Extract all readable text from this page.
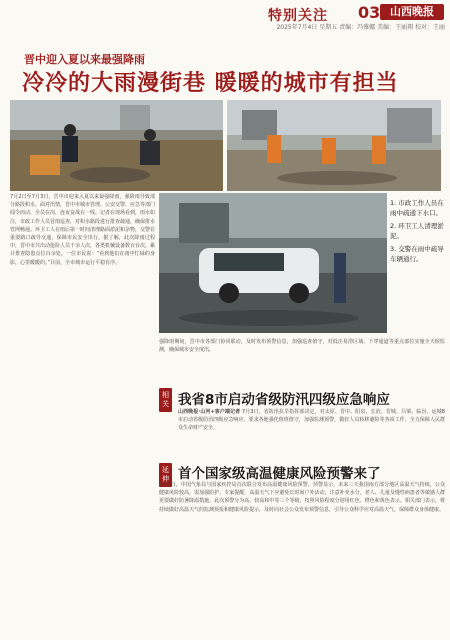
特别关注 03 山西晚报
2025年7月4日 星期五 责编：冯雅娜 美编：王丽翔 校对：王丽
晋中迎入夏以来最强降雨
冷冷的大雨漫街巷 暖暖的城市有担当
1. 市政工作人员在雨中疏通下水口。
2. 环卫工人清理淤泥。
3. 交警在雨中疏导车辆通行。
7月2日至7月3日，晋中市迎来入夏以来最强降雨，强降雨导致部分路段积水。面对汛情，晋中市城市管理、公安交警、应急等部门闻令而动，全员在岗，连夜奋战在一线。记者在现场看到，雨水如注，市政工作人员冒雨巡查，对积水路段进行排查疏通，确保排水管网畅通。环卫工人在雨后第一时间清理路面淤泥和杂物，交警在重要路口疏导交通，保障市民安全出行。据了解，此次降雨过程中，晋中市共出动抢险人员千余人次，各类机械设备数百台次，累计排查隐患点位百余处。一位市民说：“看到他们在雨中忙碌的身影，心里暖暖的。”目前，全市城市运行平稳有序。
强降雨期间，晋中市各部门协同联动，及时发布预警信息，加强巡查值守，对低洼易涝区域、下穿通道等重点部位实施全天候监测，确保城市安全度汛。
相关 我省8市启动省级防汛四级应急响应
山西晚报·山河+客户端记者 7月3日，省防汛抗旱指挥部决定，对太原、晋中、阳泉、长治、晋城、吕梁、临汾、运城8市启动省级防汛四级应急响应。要求各地强化值班值守，加强监测预警，做好人员转移避险等各项工作，全力保障人民群众生命财产安全。
延伸 首个国家级高温健康风险预警来了
7月3日，中国气象局与国家疾控局首次联合发布高温健康风险预警。预警显示，未来三天我国南方部分地区高温天气持续，公众健康风险较高，需加强防护。专家提醒，高温天气下应避免长时间户外活动，注意补充水分，老人、儿童及慢性病患者等敏感人群更要做好防暑降温措施。此次预警分为高、较高和中等三个等级，按照风险程度分别用红色、橙色和黄色表示。相关部门表示，将持续做好高温天气的监测预报和健康风险提示，及时向社会公众发布预警信息，引导公众科学应对高温天气，保障群众身体健康。
